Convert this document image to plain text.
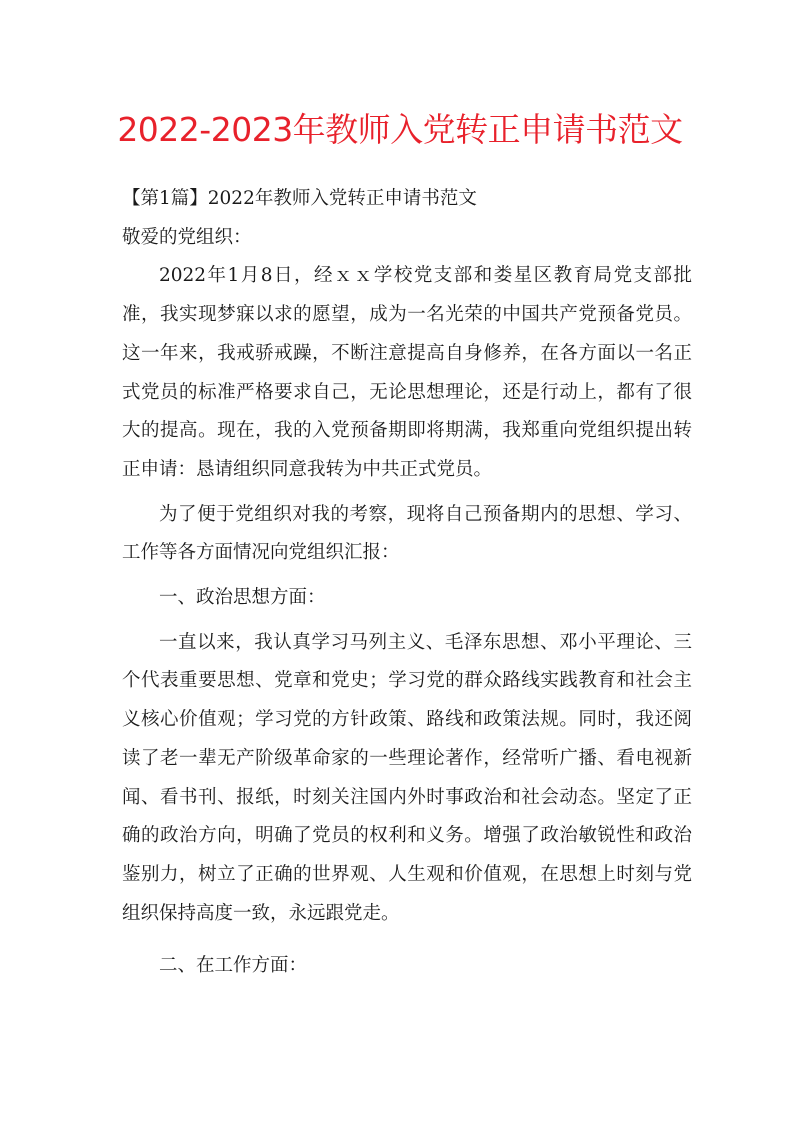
2022-2023年教师入党转正申请书范文

【第1篇】2022年教师入党转正申请书范文

敬爱的党组织：

2022年1月8日，经ｘｘ学校党支部和娄星区教育局党支部批准，我实现梦寐以求的愿望，成为一名光荣的中国共产党预备党员。这一年来，我戒骄戒躁，不断注意提高自身修养，在各方面以一名正式党员的标准严格要求自己，无论思想理论，还是行动上，都有了很大的提高。现在，我的入党预备期即将期满，我郑重向党组织提出转正申请：恳请组织同意我转为中共正式党员。

为了便于党组织对我的考察，现将自己预备期内的思想、学习、工作等各方面情况向党组织汇报：

一、政治思想方面：

一直以来，我认真学习马列主义、毛泽东思想、邓小平理论、三个代表重要思想、党章和党史；学习党的群众路线实践教育和社会主义核心价值观；学习党的方针政策、路线和政策法规。同时，我还阅读了老一辈无产阶级革命家的一些理论著作，经常听广播、看电视新闻、看书刊、报纸，时刻关注国内外时事政治和社会动态。坚定了正确的政治方向，明确了党员的权利和义务。增强了政治敏锐性和政治鉴别力，树立了正确的世界观、人生观和价值观，在思想上时刻与党组织保持高度一致，永远跟党走。

二、在工作方面：
